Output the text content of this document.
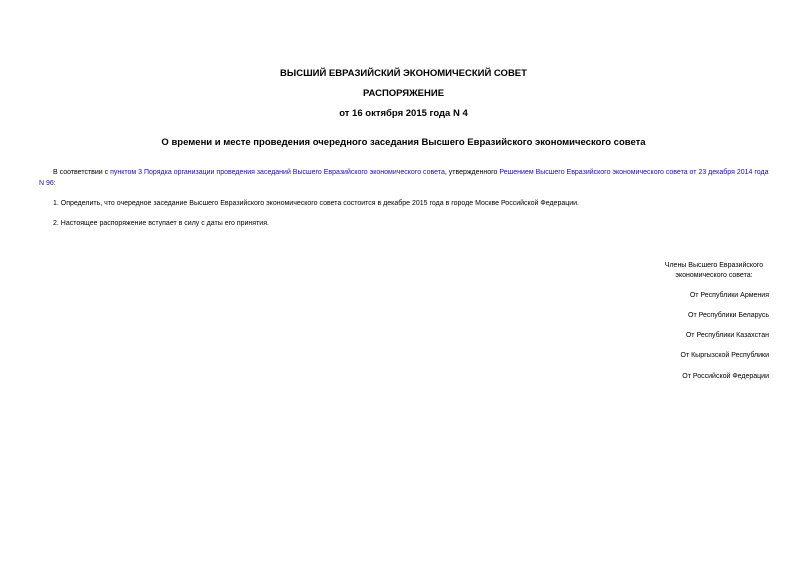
ВЫСШИЙ ЕВРАЗИЙСКИЙ ЭКОНОМИЧЕСКИЙ СОВЕТ
РАСПОРЯЖЕНИЕ
от 16 октября 2015 года N 4
О времени и месте проведения очередного заседания Высшего Евразийского экономического совета
В соответствии с пунктом 3 Порядка организации проведения заседаний Высшего Евразийского экономического совета, утвержденного Решением Высшего Евразийского экономического совета от 23 декабря 2014 года N 96:
1. Определить, что очередное заседание Высшего Евразийского экономического совета состоится в декабре 2015 года в городе Москве Российской Федерации.
2. Настоящее распоряжение вступает в силу с даты его принятия.
Члены Высшего Евразийского экономического совета:
От Республики Армения
От Республики Беларусь
От Республики Казахстан
От Кыргызской Республики
От Российской Федерации
